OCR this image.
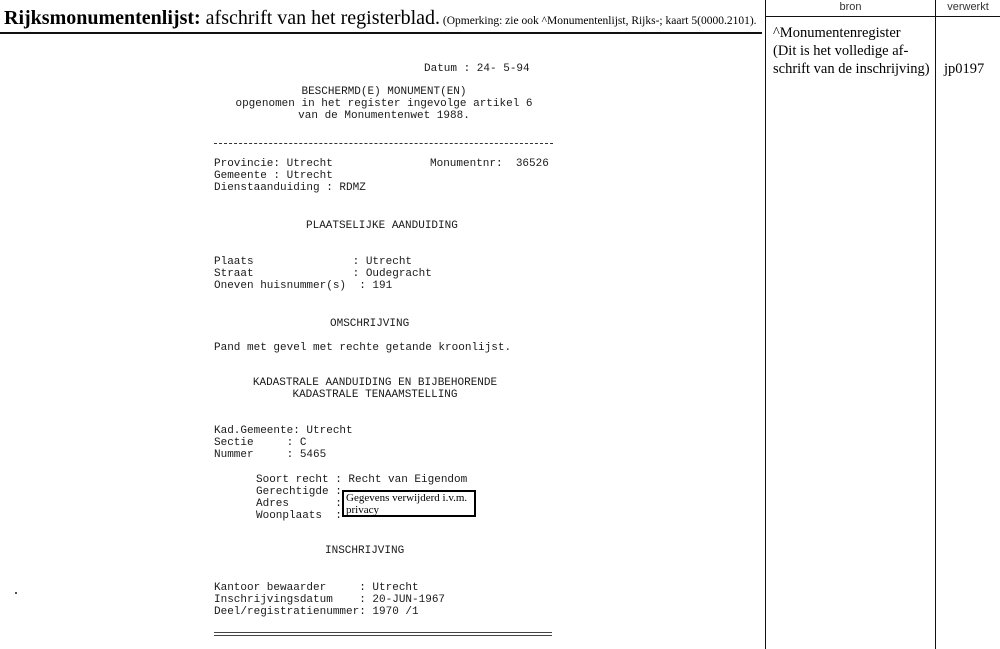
Rijksmonumentenlijst: afschrift van het registerblad. (Opmerking: zie ook ^Monumentenlijst, Rijks-; kaart 5(0000.2101).
bron	verwerkt
^Monumentenregister
(Dit is het volledige af-
schrift van de inschrijving) jp0197
Datum : 24- 5-94
BESCHERMD(E) MONUMENT(EN)
opgenomen in het register ingevolge artikel 6
van de Monumentenwet 1988.
Provincie: Utrecht
Gemeente : Utrecht
Dienstaanduiding : RDMZ
Monumentnr:  36526
PLAATSELIJKE AANDUIDING
Plaats               : Utrecht
Straat               : Oudegracht
Oneven huisnummer(s)  : 191
OMSCHRIJVING
Pand met gevel met rechte getande kroonlijst.
KADASTRALE AANDUIDING EN BIJBEHORENDE
KADASTRALE TENAAMSTELLING
Kad.Gemeente: Utrecht
Sectie     : C
Nummer     : 5465
Soort recht : Recht van Eigendom
Gerechtigde :
Adres       :
Woonplaats  :
Gegevens verwijderd i.v.m. privacy
INSCHRIJVING
Kantoor bewaarder     : Utrecht
Inschrijvingsdatum    : 20-JUN-1967
Deel/registratienummer: 1970 /1
